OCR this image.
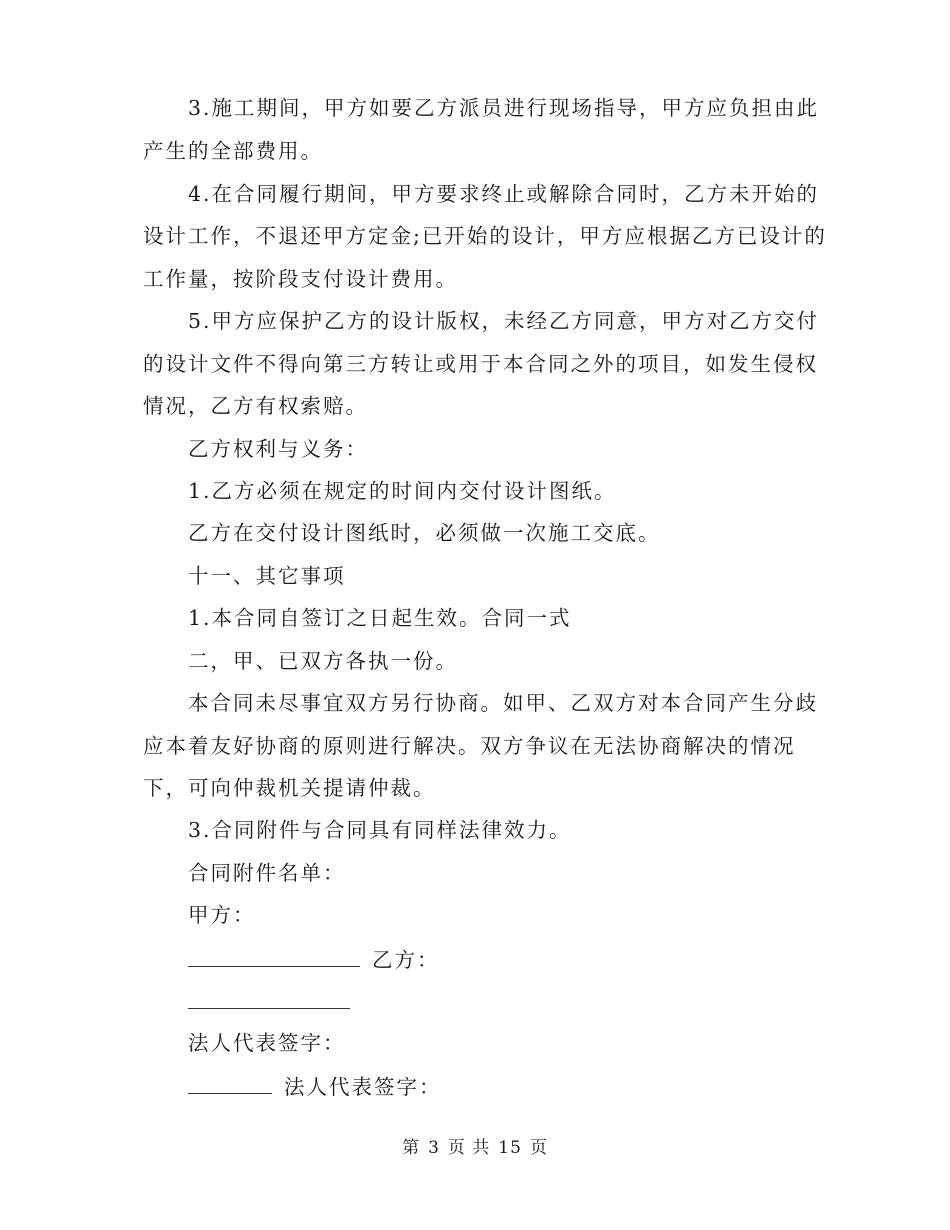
3.施工期间，甲方如要乙方派员进行现场指导，甲方应负担由此
产生的全部费用。
4.在合同履行期间，甲方要求终止或解除合同时，乙方未开始的
设计工作，不退还甲方定金;已开始的设计，甲方应根据乙方已设计的
工作量，按阶段支付设计费用。
5.甲方应保护乙方的设计版权，未经乙方同意，甲方对乙方交付
的设计文件不得向第三方转让或用于本合同之外的项目，如发生侵权
情况，乙方有权索赔。
乙方权利与义务：
1.乙方必须在规定的时间内交付设计图纸。
乙方在交付设计图纸时，必须做一次施工交底。
十一、其它事项
1.本合同自签订之日起生效。合同一式
二，甲、已双方各执一份。
本合同未尽事宜双方另行协商。如甲、乙双方对本合同产生分歧
应本着友好协商的原则进行解决。双方争议在无法协商解决的情况
下，可向仲裁机关提请仲裁。
3.合同附件与合同具有同样法律效力。
合同附件名单：
甲方：
乙方：
法人代表签字：
法人代表签字：
第 3 页 共 15 页
